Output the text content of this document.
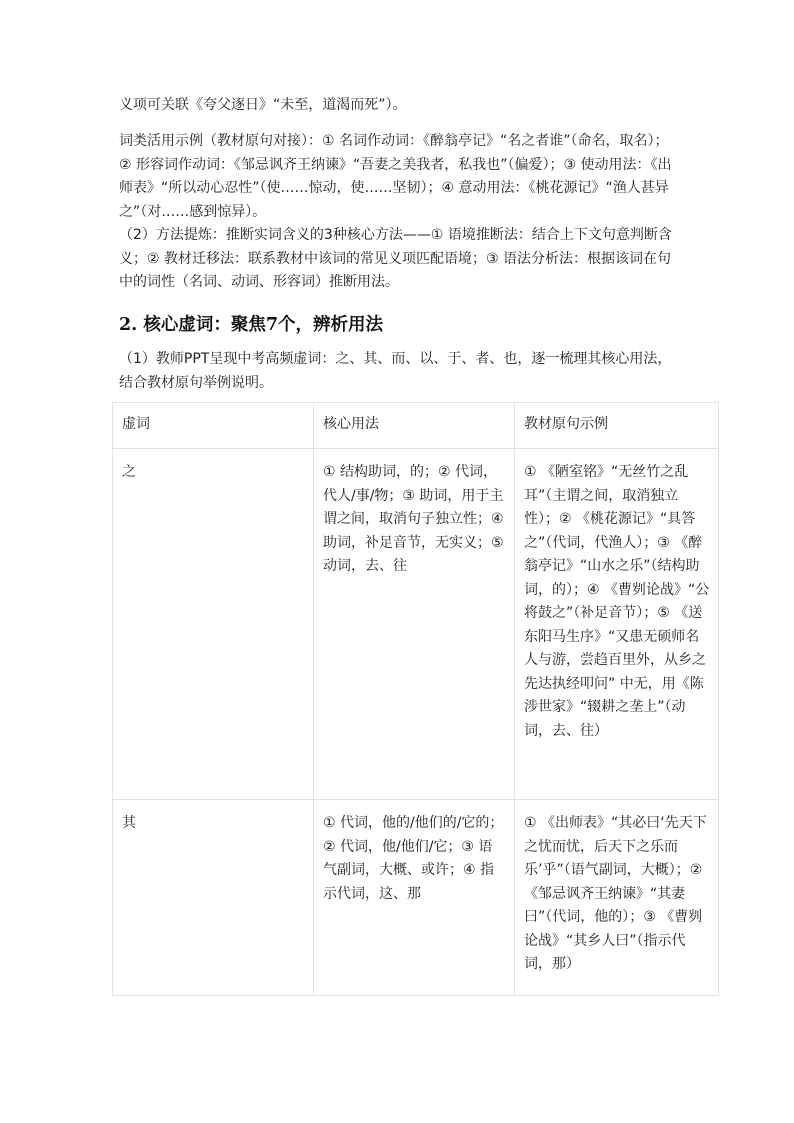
义项可关联《夸父逐日》“未至，道渴而死”）。

词类活用示例（教材原句对接）：① 名词作动词：《醉翁亭记》“名之者谁”（命名，取名）；② 形容词作动词：《邹忌讽齐王纳谏》“吾妻之美我者，私我也”（偏爱）；③ 使动用法：《出师表》“所以动心忍性”（使……惊动，使……坚韧）；④ 意动用法：《桃花源记》“渔人甚异之”（对……感到惊异）。

（2）方法提炼：推断实词含义的3种核心方法——① 语境推断法：结合上下文句意判断含义；② 教材迁移法：联系教材中该词的常见义项匹配语境；③ 语法分析法：根据该词在句中的词性（名词、动词、形容词）推断用法。

2. 核心虚词：聚焦7个，辨析用法

（1）教师PPT呈现中考高频虚词：之、其、而、以、于、者、也，逐一梳理其核心用法，结合教材原句举例说明。

虚词	核心用法	教材原句示例
之	① 结构助词，的；② 代词，代人/事/物；③ 助词，用于主谓之间，取消句子独立性；④ 助词，补足音节，无实义；⑤ 动词，去、往	① 《陋室铭》“无丝竹之乱耳”（主谓之间，取消独立性）；② 《桃花源记》“具答之”（代词，代渔人）；③ 《醉翁亭记》“山水之乐”（结构助词，的）；④ 《曹刿论战》“公将鼓之”（补足音节）；⑤ 《送东阳马生序》“又患无硕师名人与游，尝趋百里外，从乡之先达执经叩问” 中无，用《陈涉世家》“辍耕之垄上”（动词，去、往）
其	① 代词，他的/他们的/它的；② 代词，他/他们/它；③ 语气副词，大概、或许；④ 指示代词，这、那	① 《出师表》“其必曰‘先天下之忧而忧，后天下之乐而乐’乎”（语气副词，大概）；② 《邹忌讽齐王纳谏》“其妻曰”（代词，他的）；③ 《曹刿论战》“其乡人曰”（指示代词，那）
